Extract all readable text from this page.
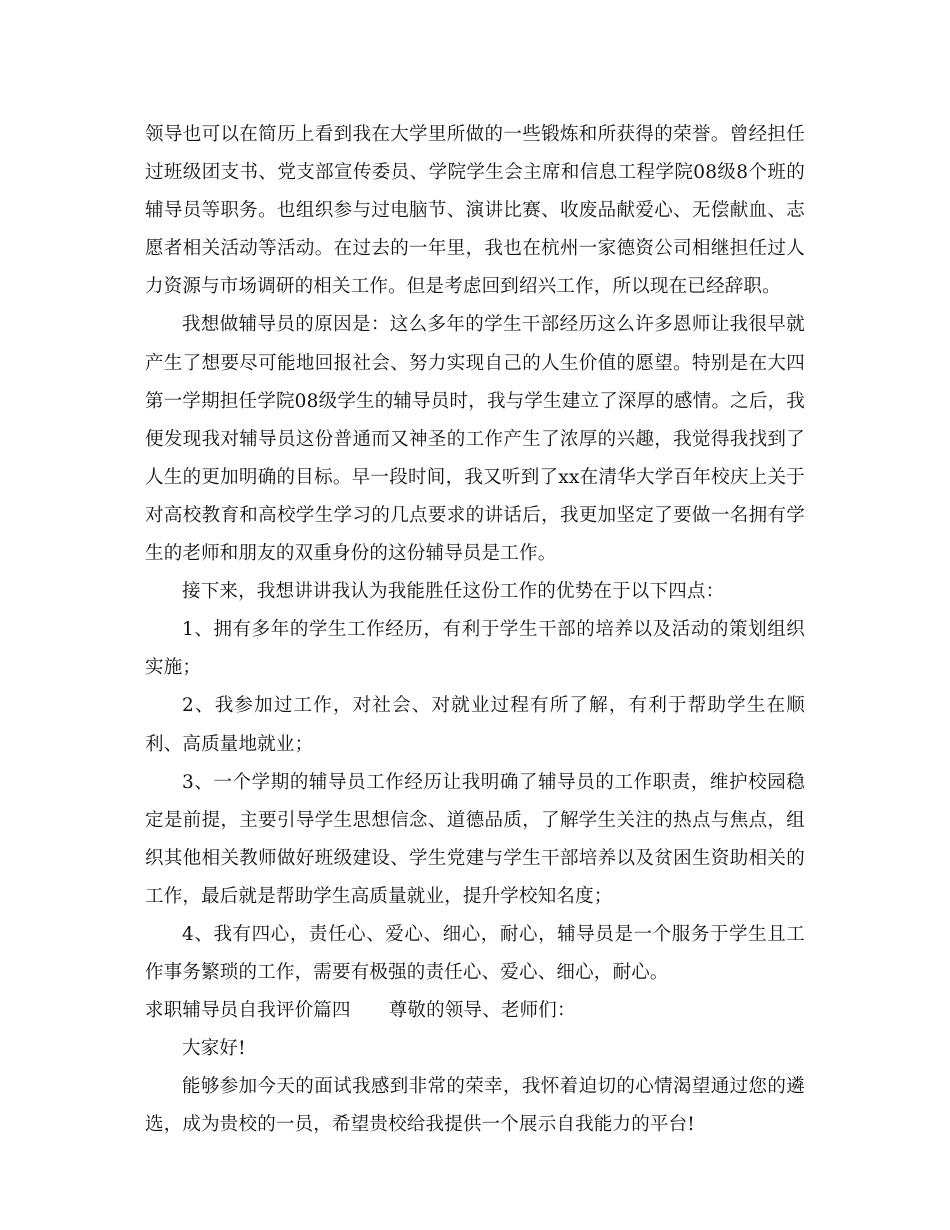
领导也可以在简历上看到我在大学里所做的一些锻炼和所获得的荣誉。曾经担任过班级团支书、党支部宣传委员、学院学生会主席和信息工程学院08级8个班的辅导员等职务。也组织参与过电脑节、演讲比赛、收废品献爱心、无偿献血、志愿者相关活动等活动。在过去的一年里，我也在杭州一家德资公司相继担任过人力资源与市场调研的相关工作。但是考虑回到绍兴工作，所以现在已经辞职。

我想做辅导员的原因是：这么多年的学生干部经历这么许多恩师让我很早就产生了想要尽可能地回报社会、努力实现自己的人生价值的愿望。特别是在大四第一学期担任学院08级学生的辅导员时，我与学生建立了深厚的感情。之后，我便发现我对辅导员这份普通而又神圣的工作产生了浓厚的兴趣，我觉得我找到了人生的更加明确的目标。早一段时间，我又听到了xx在清华大学百年校庆上关于对高校教育和高校学生学习的几点要求的讲话后，我更加坚定了要做一名拥有学生的老师和朋友的双重身份的这份辅导员是工作。

接下来，我想讲讲我认为我能胜任这份工作的优势在于以下四点：

1、拥有多年的学生工作经历，有利于学生干部的培养以及活动的策划组织实施；

2、我参加过工作，对社会、对就业过程有所了解，有利于帮助学生在顺利、高质量地就业；

3、一个学期的辅导员工作经历让我明确了辅导员的工作职责，维护校园稳定是前提，主要引导学生思想信念、道德品质，了解学生关注的热点与焦点，组织其他相关教师做好班级建设、学生党建与学生干部培养以及贫困生资助相关的工作，最后就是帮助学生高质量就业，提升学校知名度；

4、我有四心，责任心、爱心、细心，耐心，辅导员是一个服务于学生且工作事务繁琐的工作，需要有极强的责任心、爱心、细心，耐心。

求职辅导员自我评价篇四 尊敬的领导、老师们：

大家好!

能够参加今天的面试我感到非常的荣幸，我怀着迫切的心情渴望通过您的遴选，成为贵校的一员，希望贵校给我提供一个展示自我能力的平台!
